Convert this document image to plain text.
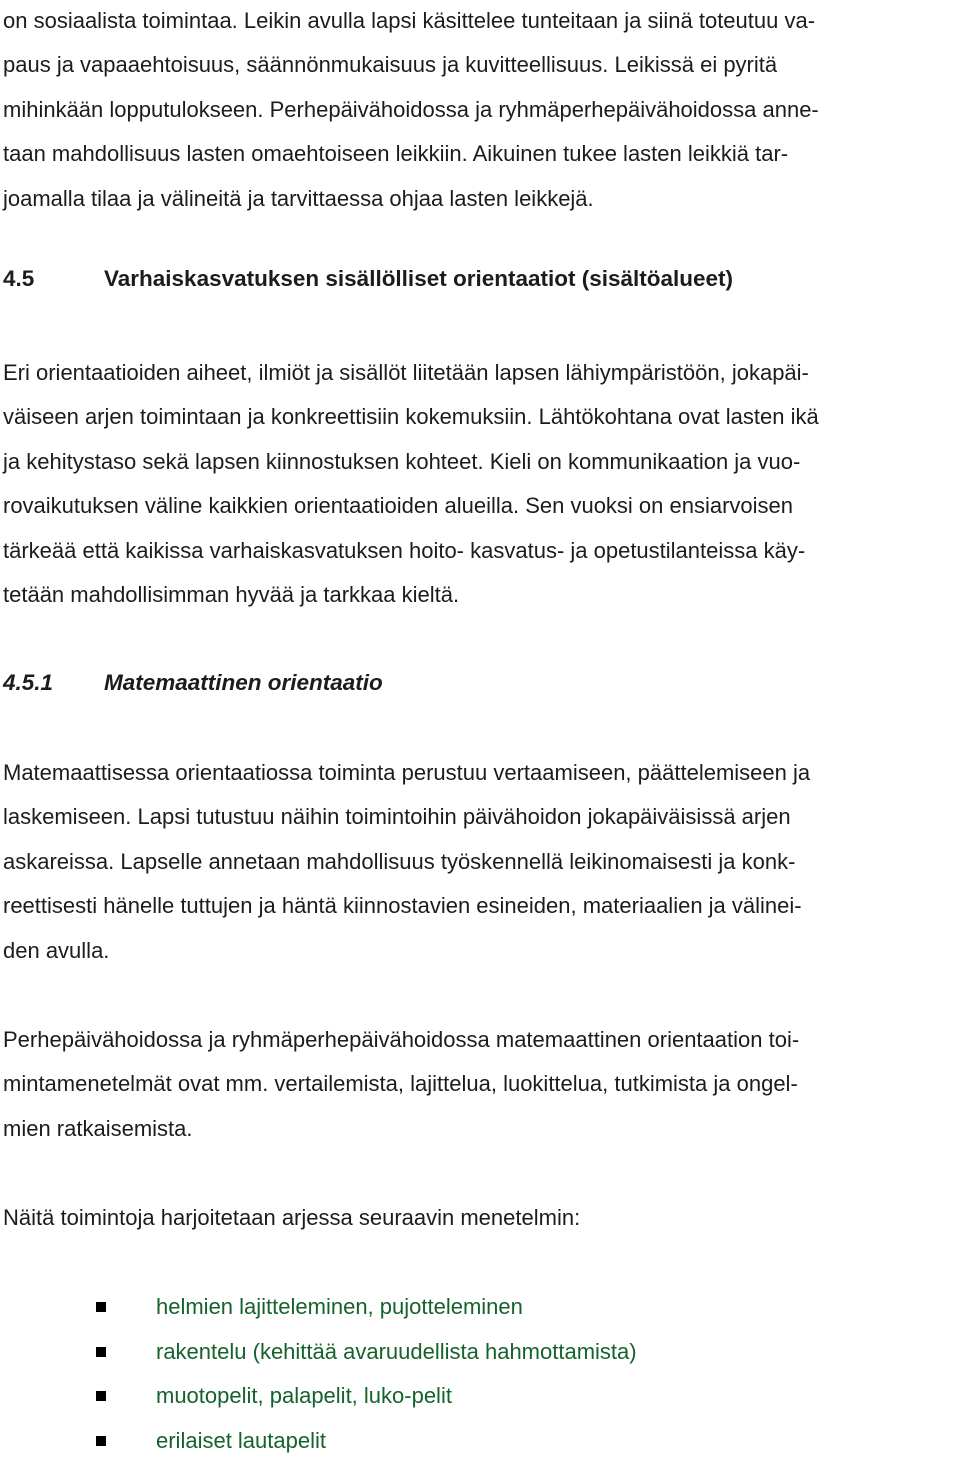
on sosiaalista toimintaa. Leikin avulla lapsi käsittelee tunteitaan ja siinä toteutuu va-
paus ja vapaaehtoisuus, säännönmukaisuus ja kuvitteellisuus. Leikissä ei pyritä
mihinkään lopputulokseen. Perhepäivähoidossa ja ryhmäperhepäivähoidossa anne-
taan mahdollisuus lasten omaehtoiseen leikkiin. Aikuinen tukee lasten leikkiä tar-
joamalla tilaa ja välineitä ja tarvittaessa ohjaa lasten leikkejä.
4.5	Varhaiskasvatuksen sisällölliset orientaatiot (sisältöalueet)
Eri orientaatioiden aiheet, ilmiöt ja sisällöt liitetään lapsen lähiympäristöön, jokapäi-
väiseen arjen toimintaan ja konkreettisiin kokemuksiin. Lähtökohtana ovat lasten ikä
ja kehitystaso sekä lapsen kiinnostuksen kohteet. Kieli on kommunikaation ja vuo-
rovaikutuksen väline kaikkien orientaatioiden alueilla. Sen vuoksi on ensiarvoisen
tärkeää että kaikissa varhaiskasvatuksen hoito- kasvatus- ja opetustilanteissa käy-
tetään mahdollisimman hyvää ja tarkkaa kieltä.
4.5.1 Matemaattinen orientaatio
Matemaattisessa orientaatiossa toiminta perustuu vertaamiseen, päättelemiseen ja
laskemiseen. Lapsi tutustuu näihin toimintoihin päivähoidon jokapäiväisissä arjen
askareissa. Lapselle annetaan mahdollisuus työskennellä leikinomaisesti ja konk-
reettisesti hänelle tuttujen ja häntä kiinnostavien esineiden, materiaalien ja välinei-
den avulla.
Perhepäivähoidossa ja ryhmäperhepäivähoidossa matemaattinen orientaation toi-
mintamenetelmät ovat mm. vertailemista, lajittelua, luokittelua, tutkimista ja ongel-
mien ratkaisemista.
Näitä toimintoja harjoitetaan arjessa seuraavin menetelmin:
helmien lajitteleminen, pujotteleminen
rakentelu (kehittää avaruudellista hahmottamista)
muotopelit, palapelit, luko-pelit
erilaiset lautapelit
